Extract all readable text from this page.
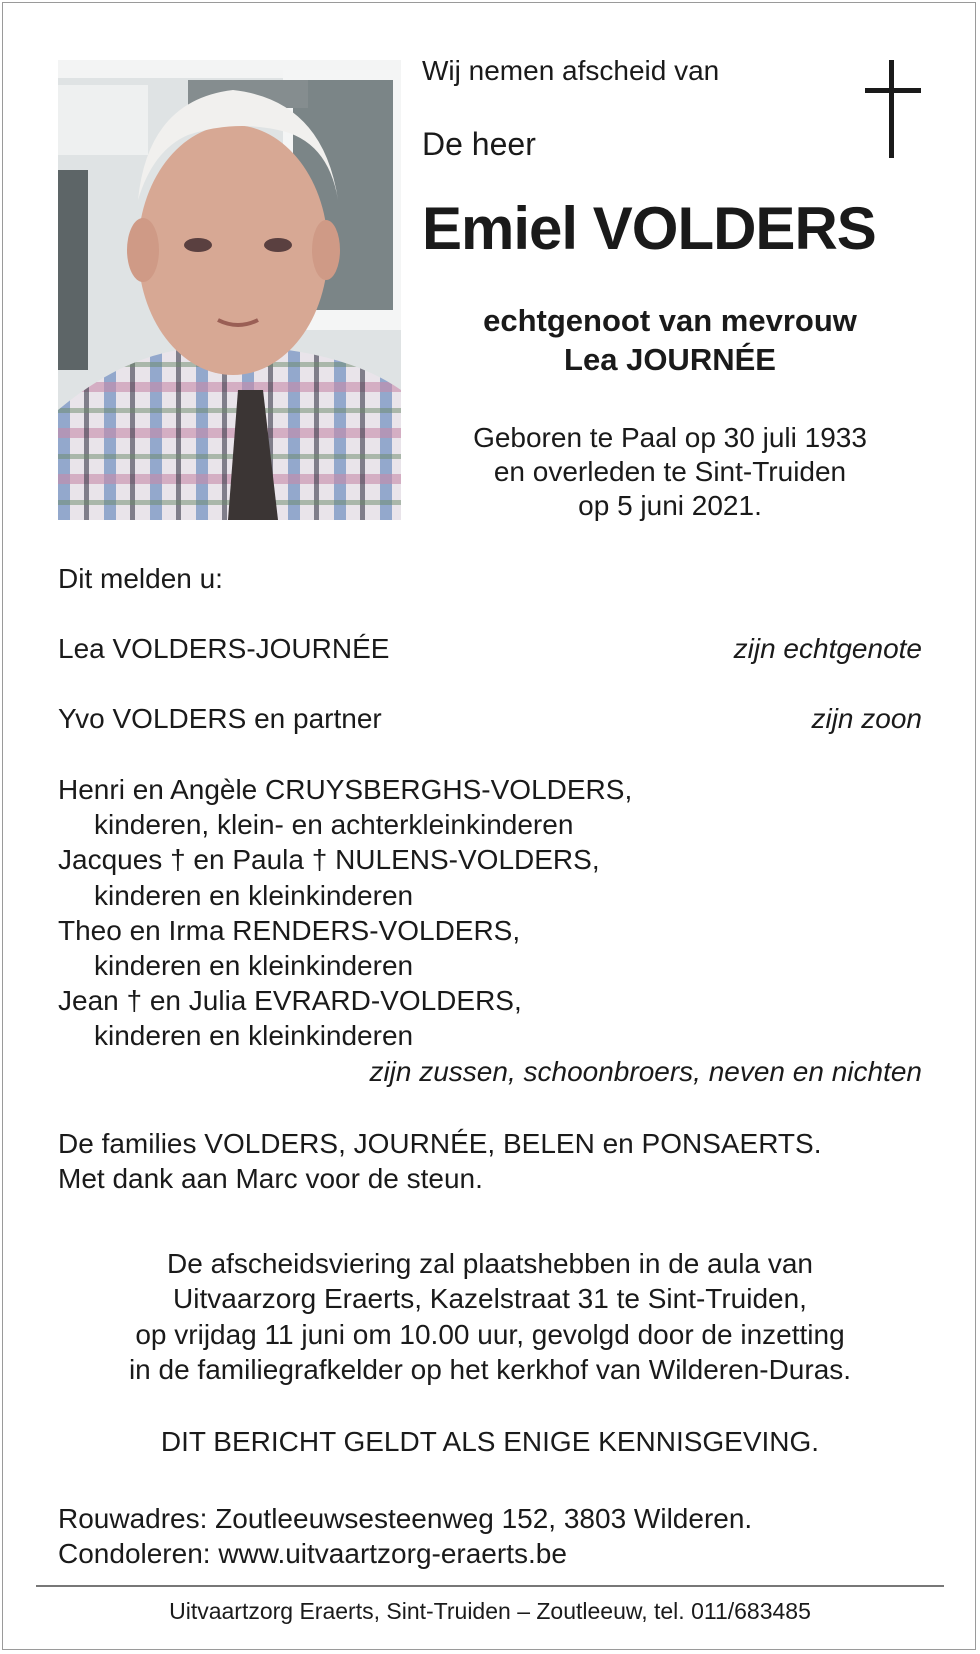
Wij nemen afscheid van
De heer
Emiel VOLDERS
echtgenoot van mevrouw
Lea JOURNÉE
Geboren te Paal op 30 juli 1933
en overleden te Sint-Truiden
op 5 juni 2021.
Dit melden u:
Lea VOLDERS-JOURNÉE	zijn echtgenote
Yvo VOLDERS en partner	zijn zoon
Henri en Angèle CRUYSBERGHS-VOLDERS,
kinderen, klein- en achterkleinkinderen
Jacques † en Paula † NULENS-VOLDERS,
kinderen en kleinkinderen
Theo en Irma RENDERS-VOLDERS,
kinderen en kleinkinderen
Jean † en Julia EVRARD-VOLDERS,
kinderen en kleinkinderen
zijn zussen, schoonbroers, neven en nichten
De families VOLDERS, JOURNÉE, BELEN en PONSAERTS.
Met dank aan Marc voor de steun.
De afscheidsviering zal plaatshebben in de aula van
Uitvaarzorg Eraerts, Kazelstraat 31 te Sint-Truiden,
op vrijdag 11 juni om 10.00 uur, gevolgd door de inzetting
in de familiegrafkelder op het kerkhof van Wilderen-Duras.
DIT BERICHT GELDT ALS ENIGE KENNISGEVING.
Rouwadres: Zoutleeuwsesteenweg 152, 3803 Wilderen.
Condoleren: www.uitvaartzorg-eraerts.be
Uitvaartzorg Eraerts, Sint-Truiden – Zoutleeuw, tel. 011/683485
